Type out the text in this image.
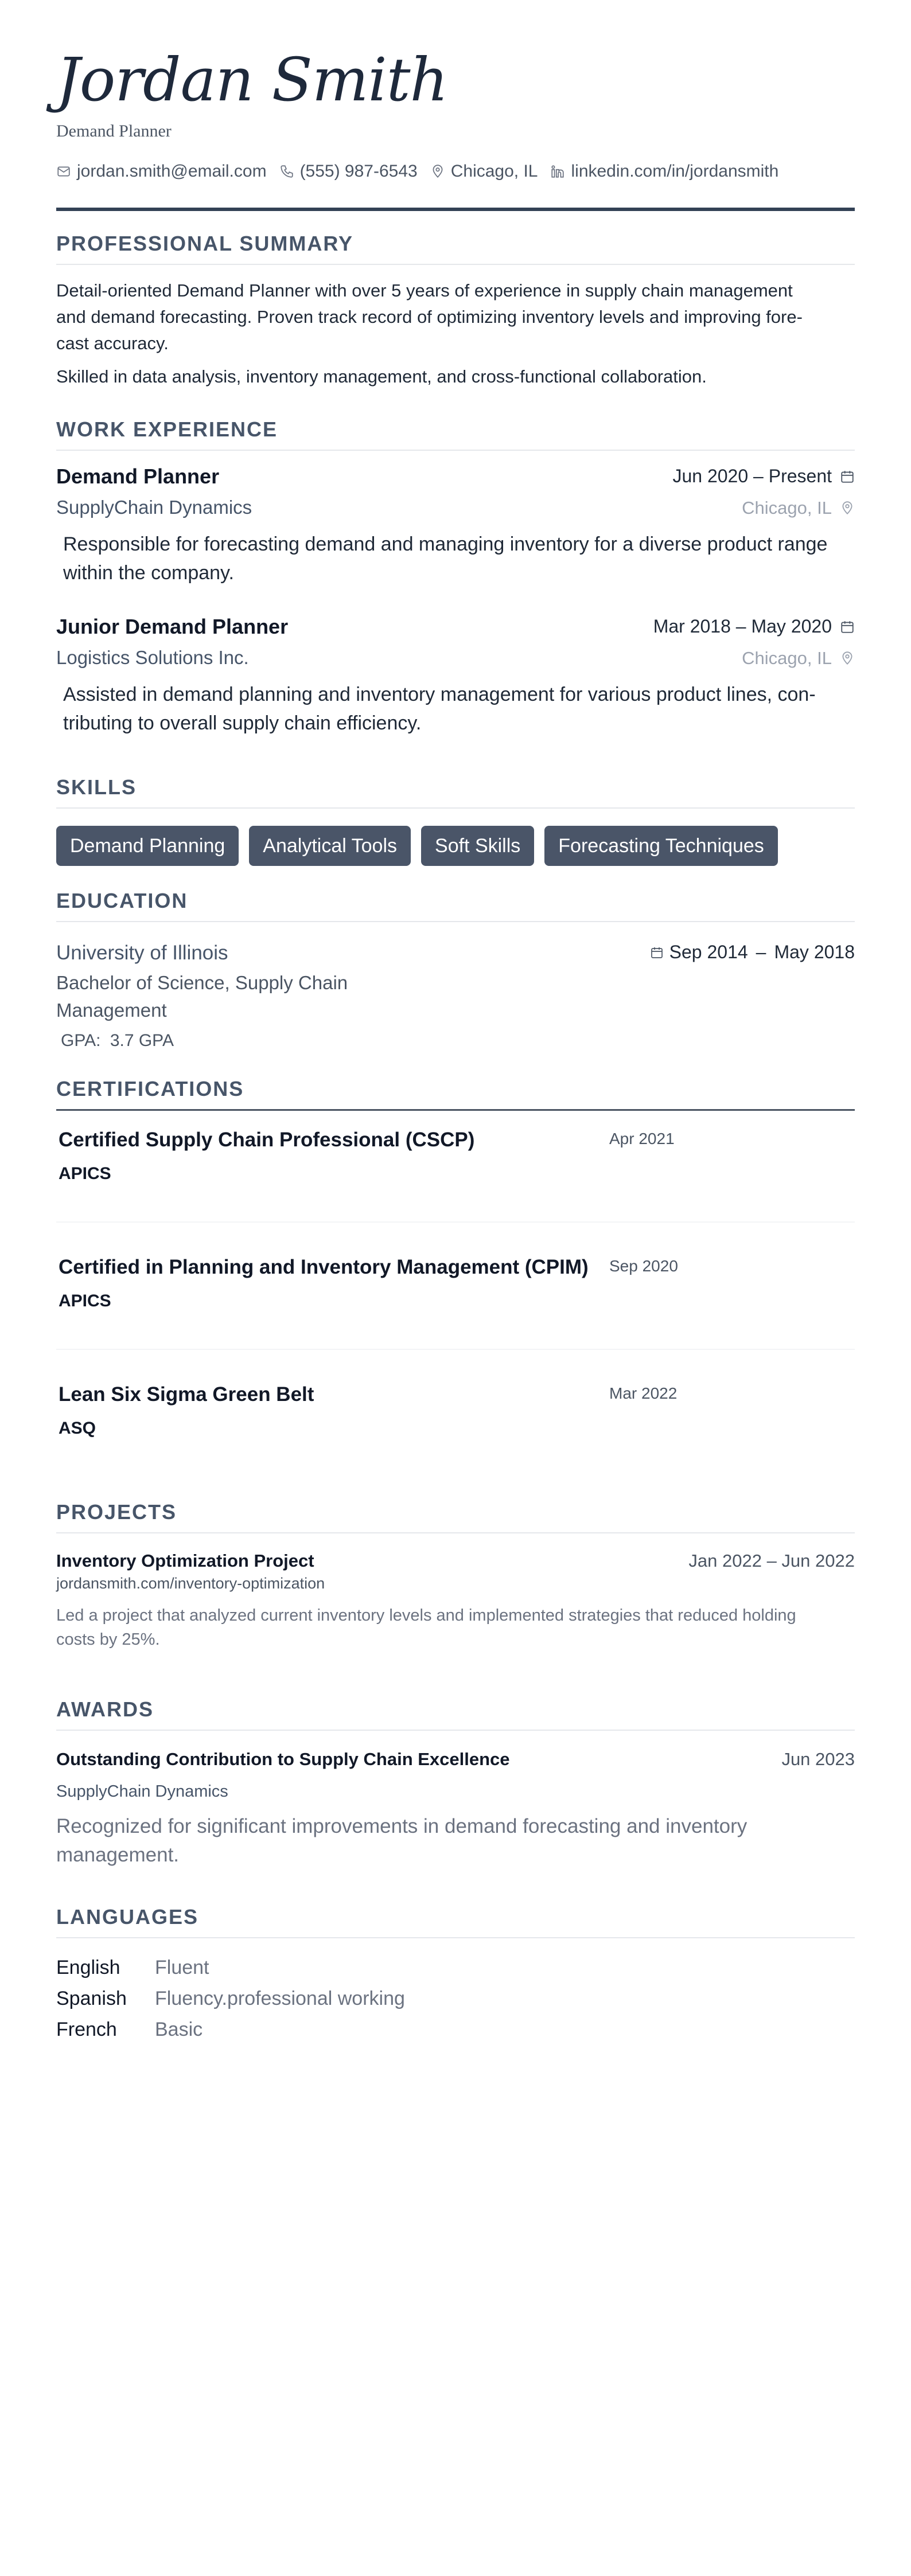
Jordan Smith
Demand Planner
jordan.smith@email.com (555) 987-6543 Chicago, IL linkedin.com/in/jordansmith
PROFESSIONAL SUMMARY

Detail-oriented Demand Planner with over 5 years of experience in supply chain management

and demand forecasting. Proven track record of optimizing inventory levels and improving fore-

cast accuracy.

Skilled in data analysis, inventory management, and cross-functional collaboration.

WORK EXPERIENCE
Demand Planner	Jun 2020 – Present
SupplyChain Dynamics	Chicago, IL
Responsible for forecasting demand and managing inventory for a diverse product range
within the company.
Junior Demand Planner	Mar 2018 – May 2020
Logistics Solutions Inc.	Chicago, IL
Assisted in demand planning and inventory management for various product lines, con-
tributing to overall supply chain efficiency.
SKILLS
Demand Planning	Analytical Tools	Soft Skills	Forecasting Techniques
EDUCATION
University of Illinois	Sep 2014 – May 2018
Bachelor of Science, Supply Chain
Management
GPA: 3.7 GPA
CERTIFICATIONS
Certified Supply Chain Professional (CSCP)	Apr 2021
APICS
Certified in Planning and Inventory Management (CPIM) Sep 2020
APICS
Lean Six Sigma Green Belt	Mar 2022
ASQ
PROJECTS
Inventory Optimization Project	Jan 2022 – Jun 2022
jordansmith.com/inventory-optimization
Led a project that analyzed current inventory levels and implemented strategies that reduced holding
costs by 25%.
AWARDS
Outstanding Contribution to Supply Chain Excellence	Jun 2023
SupplyChain Dynamics
Recognized for significant improvements in demand forecasting and inventory
management.
LANGUAGES
English	Fluent
Spanish	Fluency.professional working
French	Basic
